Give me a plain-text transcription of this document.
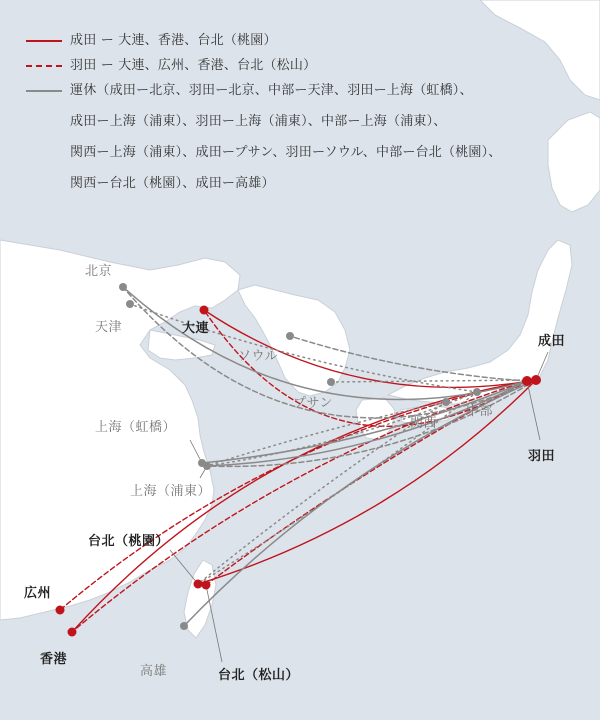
成田 ー 大連、香港、台北（桃園）
羽田 ー 大連、広州、香港、台北（松山）
運休（成田ー北京、羽田ー北京、中部ー天津、羽田ー上海（虹橋）、
成田ー上海（浦東）、羽田ー上海（浦東）、中部ー上海（浦東）、
関西ー上海（浦東）、成田ープサン、羽田ーソウル、中部ー台北（桃園）、
関西ー台北（桃園）、成田ー高雄）
大連
北京
天津
ソウル
プサン
関西
中部
成田
羽田
上海（虹橋）
上海（浦東）
台北（桃園）
台北（松山）
広州
香港
高雄
